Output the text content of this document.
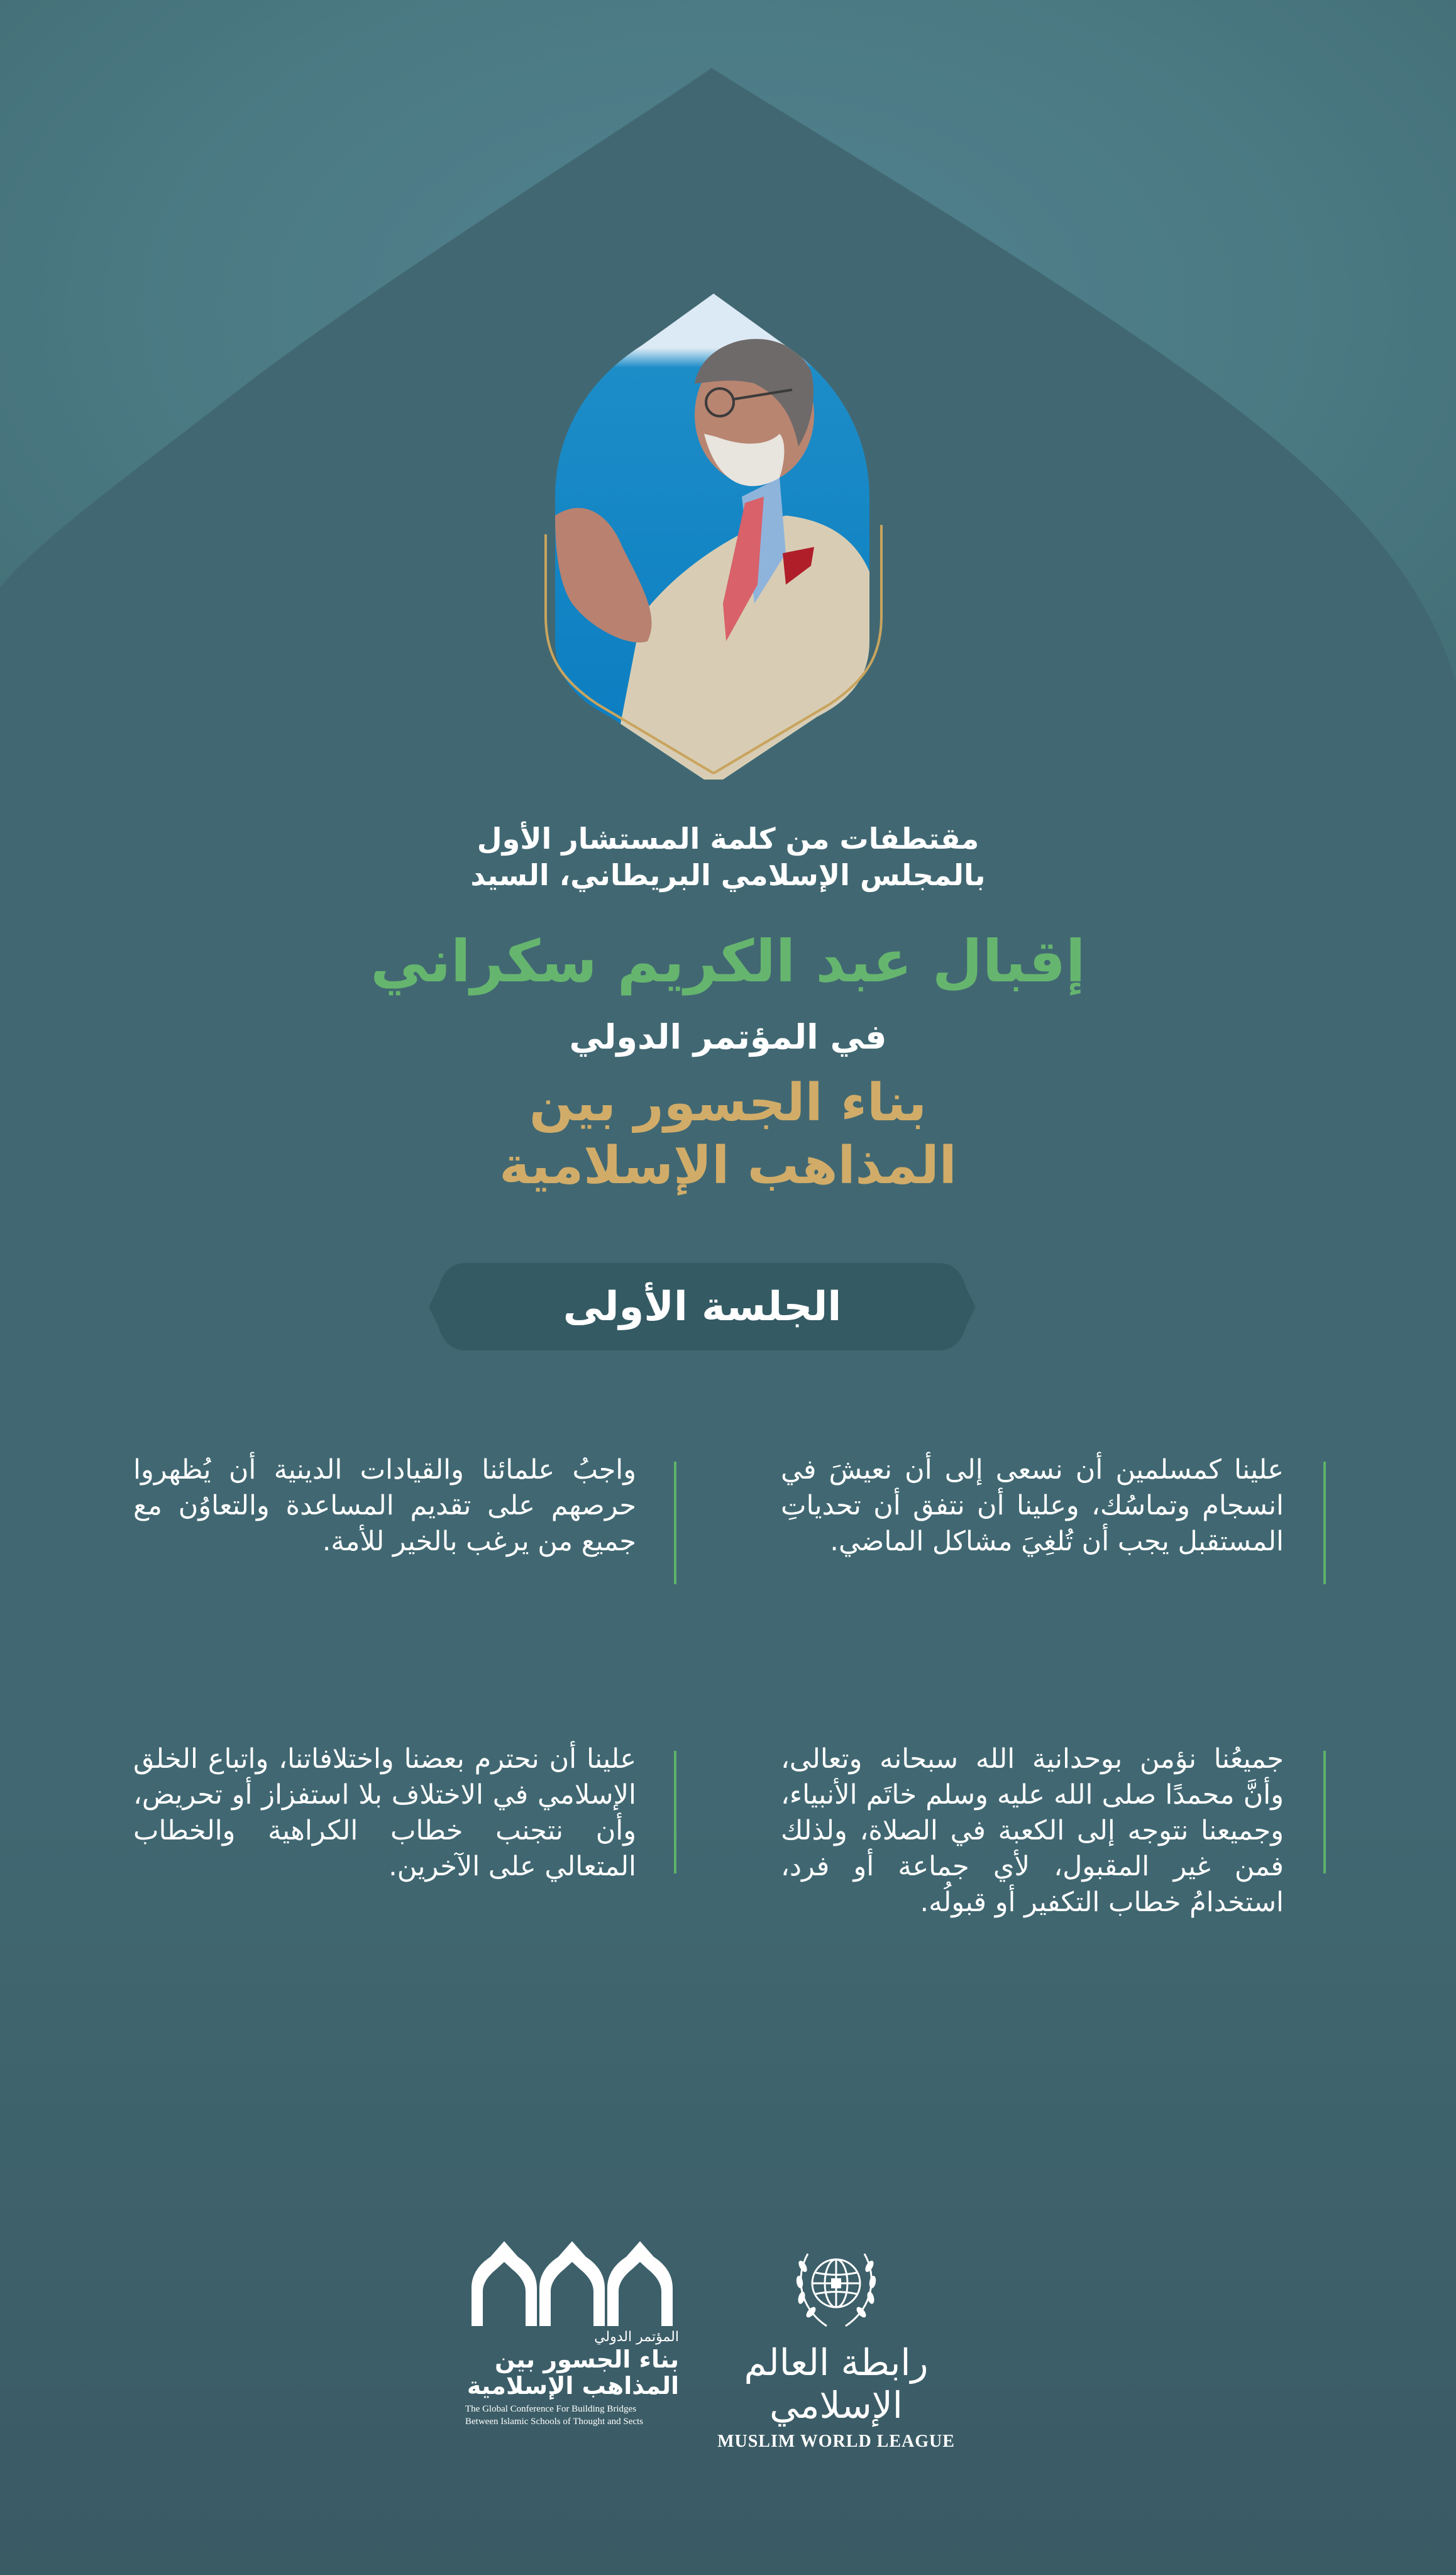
مقتطفات من كلمة المستشار الأول
بالمجلس الإسلامي البريطاني، السيد
إقبال عبد الكريم سكراني
في المؤتمر الدولي
بناء الجسور بين
المذاهب الإسلامية
الجلسة الأولى
علينا كمسلمين أن نسعى إلى أن نعيشَ في انسجام وتماسُك، وعلينا أن نتفق أن تحدياتِ المستقبل يجب أن تُلغِيَ مشاكل الماضي.
واجبُ علمائنا والقيادات الدينية أن يُظهروا حرصهم على تقديم المساعدة والتعاوُن مع جميع من يرغب بالخير للأمة.
جميعُنا نؤمن بوحدانية الله سبحانه وتعالى، وأنَّ محمدًا صلى الله عليه وسلم خاتَم الأنبياء، وجميعنا نتوجه إلى الكعبة في الصلاة، ولذلك فمن غير المقبول، لأي جماعة أو فرد، استخدامُ خطاب التكفير أو قبولُه.
علينا أن نحترم بعضنا واختلافاتنا، واتباع الخلق الإسلامي في الاختلاف بلا استفزاز أو تحريض، وأن نتجنب خطاب الكراهية والخطاب المتعالي على الآخرين.
المؤتمر الدولي
بناء الجسور بين
المذاهب الإسلامية
The Global Conference For Building Bridges
Between Islamic Schools of Thought and Sects
رابطة العالم الإسلامي
MUSLIM WORLD LEAGUE
